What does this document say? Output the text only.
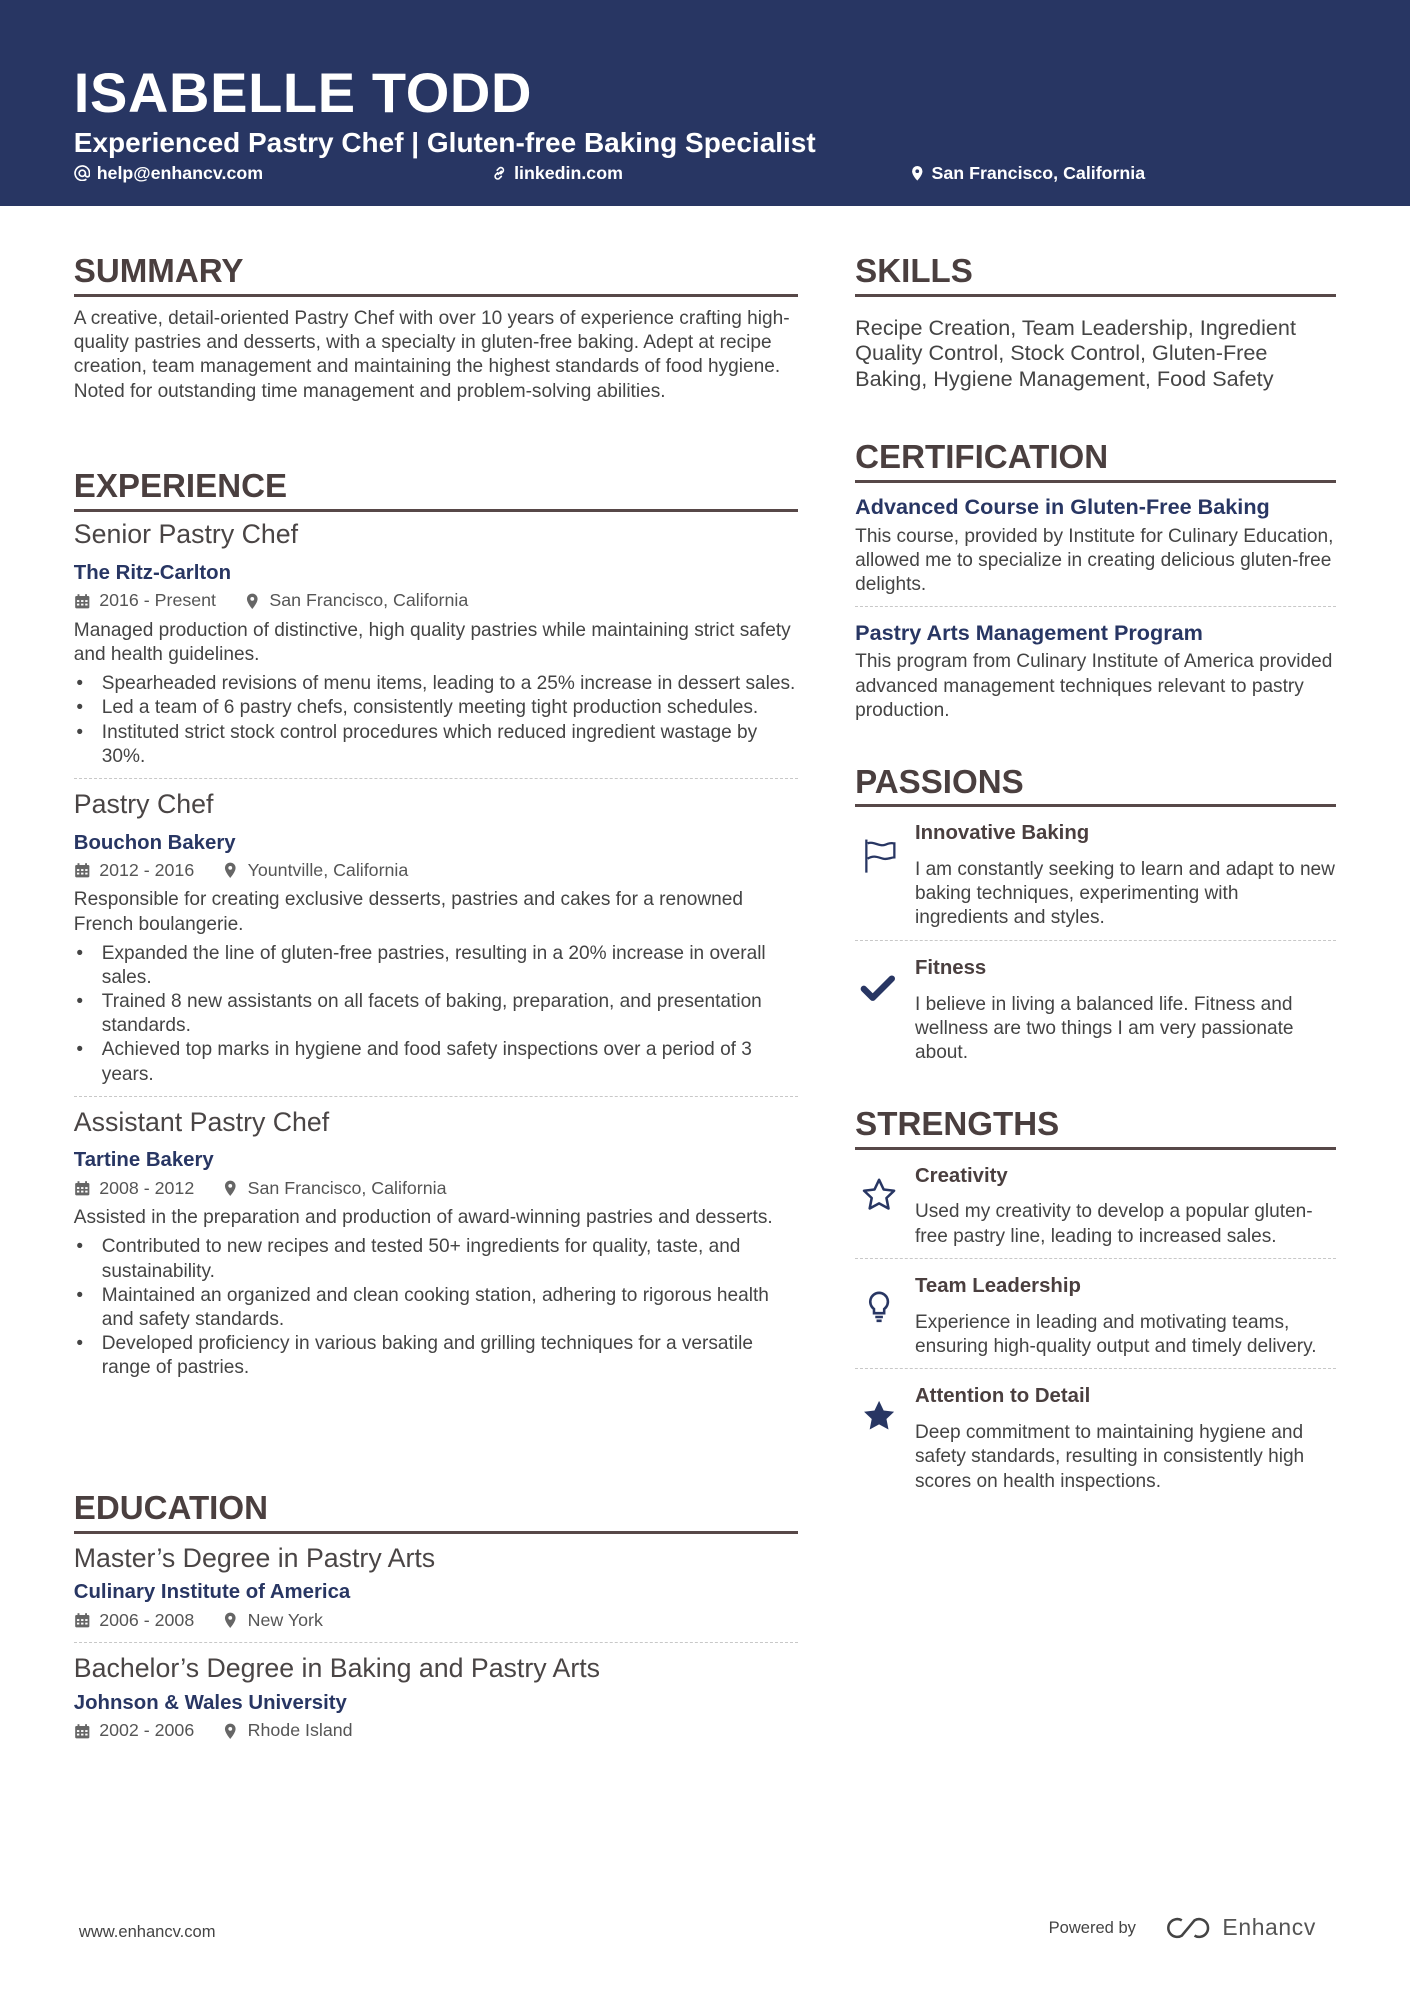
ISABELLE TODD
Experienced Pastry Chef | Gluten-free Baking Specialist
help@enhancv.com	linkedin.com	San Francisco, California
SUMMARY
A creative, detail-oriented Pastry Chef with over 10 years of experience crafting high-quality pastries and desserts, with a specialty in gluten-free baking. Adept at recipe creation, team management and maintaining the highest standards of food hygiene. Noted for outstanding time management and problem-solving abilities.
EXPERIENCE
Senior Pastry Chef
The Ritz-Carlton
2016 - Present	San Francisco, California
Managed production of distinctive, high quality pastries while maintaining strict safety and health guidelines.
• Spearheaded revisions of menu items, leading to a 25% increase in dessert sales.
• Led a team of 6 pastry chefs, consistently meeting tight production schedules.
• Instituted strict stock control procedures which reduced ingredient wastage by 30%.
Pastry Chef
Bouchon Bakery
2012 - 2016	Yountville, California
Responsible for creating exclusive desserts, pastries and cakes for a renowned French boulangerie.
• Expanded the line of gluten-free pastries, resulting in a 20% increase in overall sales.
• Trained 8 new assistants on all facets of baking, preparation, and presentation standards.
• Achieved top marks in hygiene and food safety inspections over a period of 3 years.
Assistant Pastry Chef
Tartine Bakery
2008 - 2012	San Francisco, California
Assisted in the preparation and production of award-winning pastries and desserts.
• Contributed to new recipes and tested 50+ ingredients for quality, taste, and sustainability.
• Maintained an organized and clean cooking station, adhering to rigorous health and safety standards.
• Developed proficiency in various baking and grilling techniques for a versatile range of pastries.
EDUCATION
Master’s Degree in Pastry Arts
Culinary Institute of America
2006 - 2008	New York
Bachelor’s Degree in Baking and Pastry Arts
Johnson & Wales University
2002 - 2006	Rhode Island
SKILLS
Recipe Creation, Team Leadership, Ingredient Quality Control, Stock Control, Gluten-Free Baking, Hygiene Management, Food Safety
CERTIFICATION
Advanced Course in Gluten-Free Baking
This course, provided by Institute for Culinary Education, allowed me to specialize in creating delicious gluten-free delights.
Pastry Arts Management Program
This program from Culinary Institute of America provided advanced management techniques relevant to pastry production.
PASSIONS
Innovative Baking
I am constantly seeking to learn and adapt to new baking techniques, experimenting with ingredients and styles.
Fitness
I believe in living a balanced life. Fitness and wellness are two things I am very passionate about.
STRENGTHS
Creativity
Used my creativity to develop a popular gluten-free pastry line, leading to increased sales.
Team Leadership
Experience in leading and motivating teams, ensuring high-quality output and timely delivery.
Attention to Detail
Deep commitment to maintaining hygiene and safety standards, resulting in consistently high scores on health inspections.
www.enhancv.com	Powered by	Enhancv
